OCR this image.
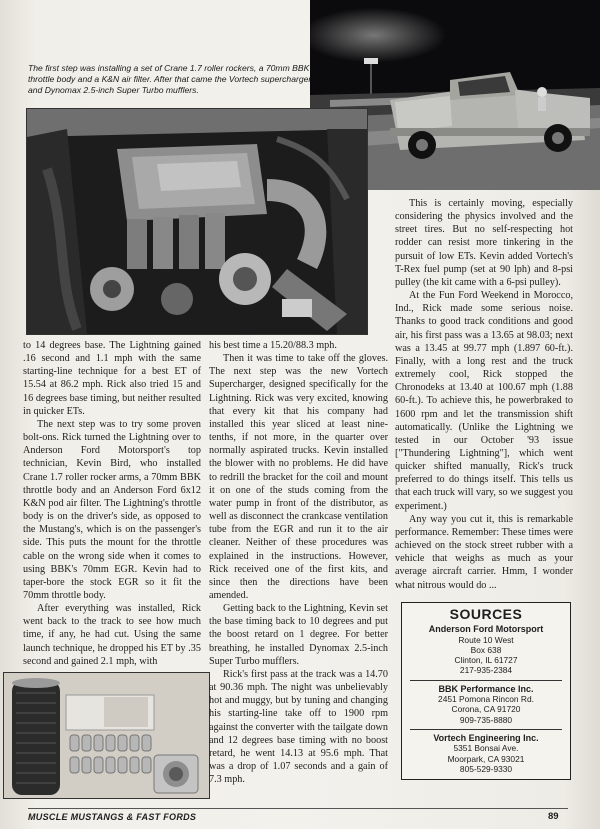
The first step was installing a set of Crane 1.7 roller rockers, a 70mm BBK throttle body and a K&N air filter. After that came the Vortech supercharger and Dynomax 2.5-inch Super Turbo mufflers.

to 14 degrees base. The Lightning gained .16 second and 1.1 mph with the same starting-line technique for a best ET of 15.54 at 86.2 mph. Rick also tried 15 and 16 degrees base timing, but neither resulted in quicker ETs.

The next step was to try some proven bolt-ons. Rick turned the Lightning over to Anderson Ford Motorsport's top technician, Kevin Bird, who installed Crane 1.7 roller rocker arms, a 70mm BBK throttle body and an Anderson Ford 6x12 K&N pod air filter. The Lightning's throttle body is on the driver's side, as opposed to the Mustang's, which is on the passenger's side. This puts the mount for the throttle cable on the wrong side when it comes to using BBK's 70mm EGR. Kevin had to taper-bore the stock EGR so it fit the 70mm throttle body.

After everything was installed, Rick went back to the track to see how much time, if any, he had cut. Using the same launch technique, he dropped his ET by .35 second and gained 2.1 mph, with

his best time a 15.20/88.3 mph.

Then it was time to take off the gloves. The next step was the new Vortech Supercharger, designed specifically for the Lightning. Rick was very excited, knowing that every kit that his company had installed this year sliced at least nine-tenths, if not more, in the quarter over normally aspirated trucks. Kevin installed the blower with no problems. He did have to redrill the bracket for the coil and mount it on one of the studs coming from the water pump in front of the distributor, as well as disconnect the crankcase ventilation tube from the EGR and run it to the air cleaner. Neither of these procedures was explained in the instructions. However, Rick received one of the first kits, and since then the directions have been amended.

Getting back to the Lightning, Kevin set the base timing back to 10 degrees and put the boost retard on 1 degree. For better breathing, he installed Dynomax 2.5-inch Super Turbo mufflers.

Rick's first pass at the track was a 14.70 at 90.36 mph. The night was unbelievably hot and muggy, but by tuning and changing his starting-line take off to 1900 rpm against the converter with the tailgate down and 12 degrees base timing with no boost retard, he went 14.13 at 95.6 mph. That was a drop of 1.07 seconds and a gain of 7.3 mph.

This is certainly moving, especially considering the physics involved and the street tires. But no self-respecting hot rodder can resist more tinkering in the pursuit of low ETs. Kevin added Vortech's T-Rex fuel pump (set at 90 lph) and 8-psi pulley (the kit came with a 6-psi pulley).

At the Fun Ford Weekend in Morocco, Ind., Rick made some serious noise. Thanks to good track conditions and good air, his first pass was a 13.65 at 98.03; next was a 13.45 at 99.77 mph (1.897 60-ft.). Finally, with a long rest and the truck extremely cool, Rick stopped the Chronodeks at 13.40 at 100.67 mph (1.88 60-ft.). To achieve this, he powerbraked to 1600 rpm and let the transmission shift automatically. (Unlike the Lightning we tested in our October '93 issue ["Thundering Lightning"], which went quicker shifted manually, Rick's truck preferred to do things itself. This tells us that each truck will vary, so we suggest you experiment.)

Any way you cut it, this is remarkable performance. Remember: These times were achieved on the stock street rubber with a vehicle that weighs as much as your average aircraft carrier. Hmm, I wonder what nitrous would do ...

SOURCES
Anderson Ford Motorsport
Route 10 West
Box 638
Clinton, IL 61727
217-935-2384
BBK Performance Inc.
2451 Pomona Rincon Rd.
Corona, CA 91720
909-735-8880
Vortech Engineering Inc.
5351 Bonsai Ave.
Moorpark, CA 93021
805-529-9330
MUSCLE MUSTANGS & FAST FORDS	89
